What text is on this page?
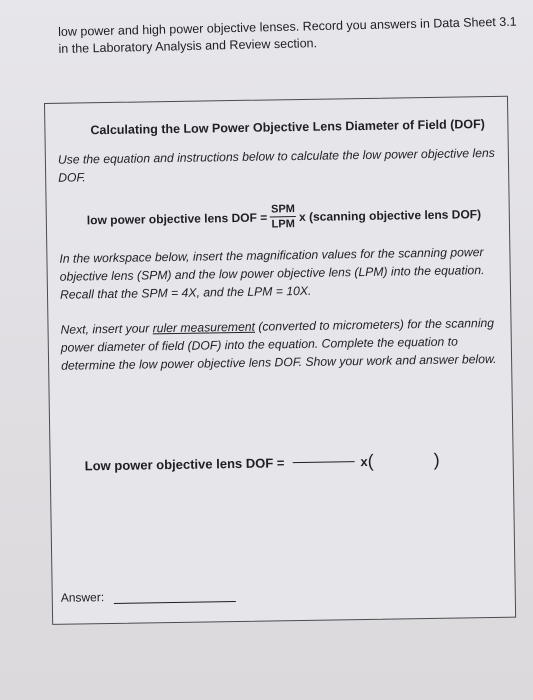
low power and high power objective lenses. Record you answers in Data Sheet 3.1
in the Laboratory Analysis and Review section.
Calculating the Low Power Objective Lens Diameter of Field (DOF)
Use the equation and instructions below to calculate the low power objective lens DOF.
low power objective lens DOF = $\frac{\text{SPM}}{\text{LPM}}$ x (scanning objective lens DOF)
In the workspace below, insert the magnification values for the scanning power objective lens (SPM) and the low power objective lens (LPM) into the equation. Recall that the SPM = 4X, and the LPM = 10X.
Next, insert your ruler measurement (converted to micrometers) for the scanning power diameter of field (DOF) into the equation. Complete the equation to determine the low power objective lens DOF. Show your work and answer below.
Low power objective lens DOF =	x (	)
Answer:
